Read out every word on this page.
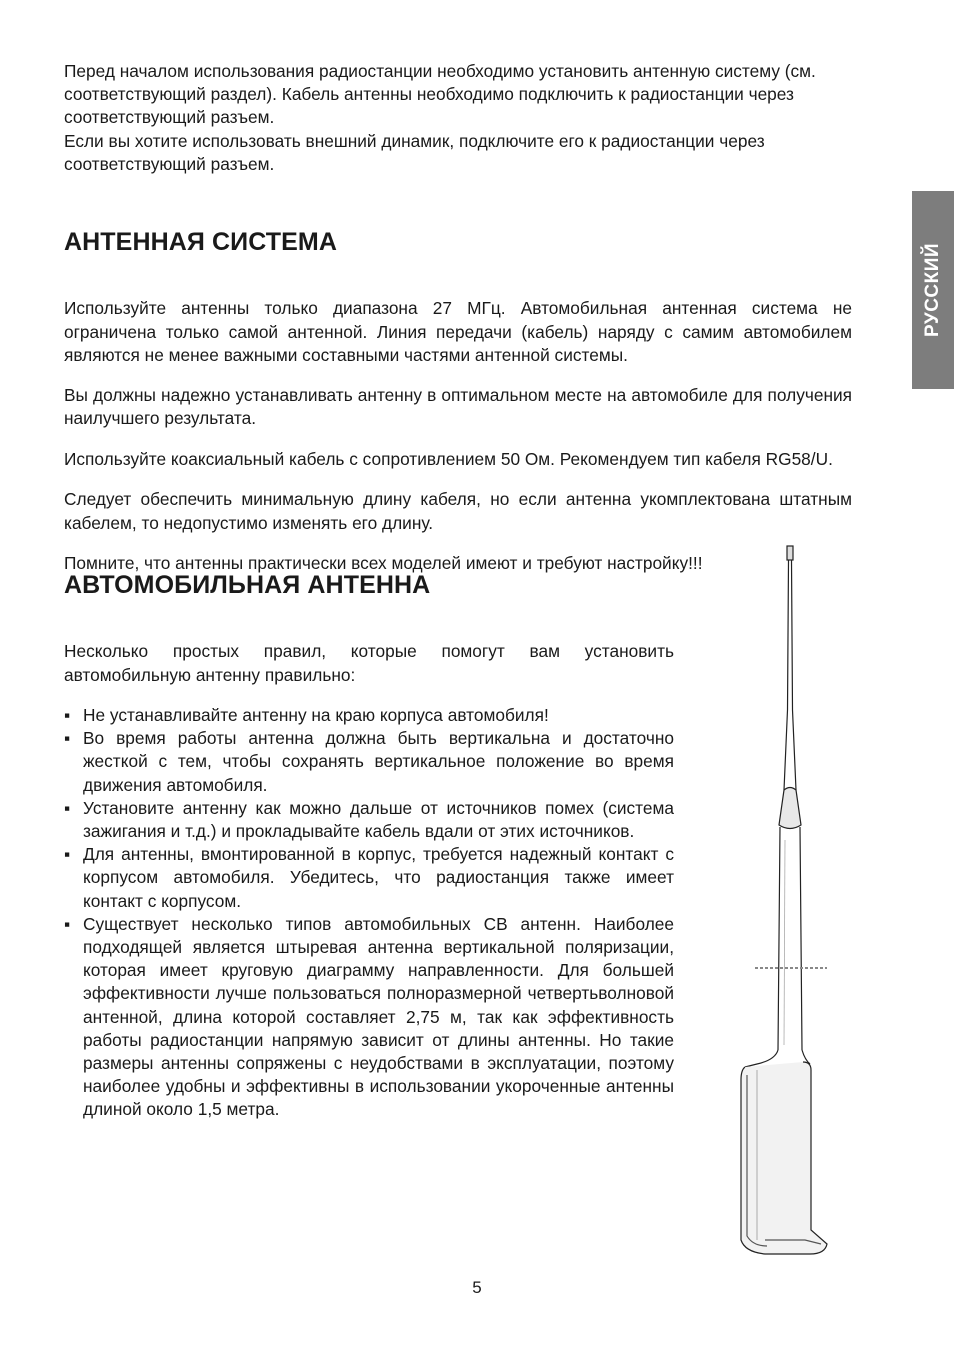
Перед началом использования радиостанции необходимо установить антенную систему (см. соответствующий раздел). Кабель антенны необходимо подключить к радиостанции через соответствующий разъем.

Если вы хотите использовать внешний динамик, подключите его к радиостанции через соответствующий разъем.

АНТЕННАЯ СИСТЕМА

Используйте антенны только диапазона 27 МГц. Автомобильная антенная система не ограничена только самой антенной. Линия передачи (кабель) наряду с самим автомобилем являются не менее важными составными частями антенной системы.

Вы должны надежно устанавливать антенну в оптимальном месте на автомобиле для получения наилучшего результата.

Используйте коаксиальный кабель с сопротивлением 50 Ом. Рекомендуем тип кабеля RG58/U.

Следует обеспечить минимальную длину кабеля, но если антенна укомплектована штатным кабелем, то недопустимо изменять его длину.

Помните, что антенны практически всех моделей имеют и требуют настройку!!!

АВТОМОБИЛЬНАЯ АНТЕННА

Несколько простых правил, которые помогут вам установить автомобильную антенну правильно:

▪ Не устанавливайте антенну на краю корпуса автомобиля!
▪ Во время работы антенна должна быть вертикальна и достаточно жесткой с тем, чтобы сохранять вертикальное положение во время движения автомобиля.
▪ Установите антенну как можно дальше от источников помех (система зажигания и т.д.) и прокладывайте кабель вдали от этих источников.
▪ Для антенны, вмонтированной в корпус, требуется надежный контакт с корпусом автомобиля. Убедитесь, что радиостанция также имеет контакт с корпусом.
▪ Существует несколько типов автомобильных СВ антенн. Наиболее подходящей является штыревая антенна вертикальной поляризации, которая имеет круговую диаграмму направленности. Для большей эффективности лучше пользоваться полноразмерной четвертьволновой антенной, длина которой составляет 2,75 м, так как эффективность работы радиостанции напрямую зависит от длины антенны. Но такие размеры антенны сопряжены с неудобствами в эксплуатации, поэтому наиболее удобны и эффективны в использовании укороченные антенны длиной около 1,5 метра.
РУССКИЙ
5
